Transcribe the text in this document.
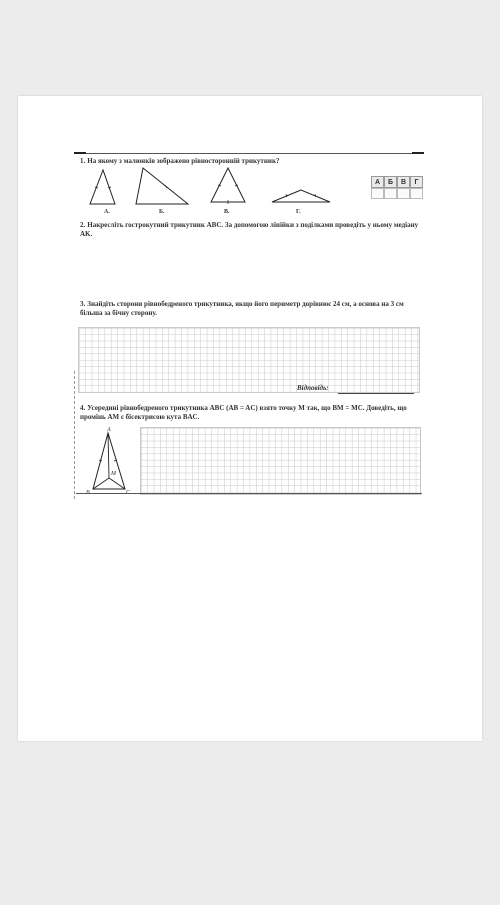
1. На якому з малюнків зображено рівносторонній трикутник?
А.	Б.	В.	Г.
А	Б	В	Г
2. Накресліть гострокутний трикутник ABC. За допомогою лінійки з поділками проведіть у ньому медіану AK.
3. Знайдіть сторони рівнобедреного трикутника, якщо його периметр дорівнює 24 см, а основа на 3 см більша за бічну сторону.
Відповідь:
4. Усередині рівнобедреного трикутника ABC (AB = AC) взято точку M так, що BM = MC. Доведіть, що промінь AM є бісектрисою кута BAC.
A
B	C
M
